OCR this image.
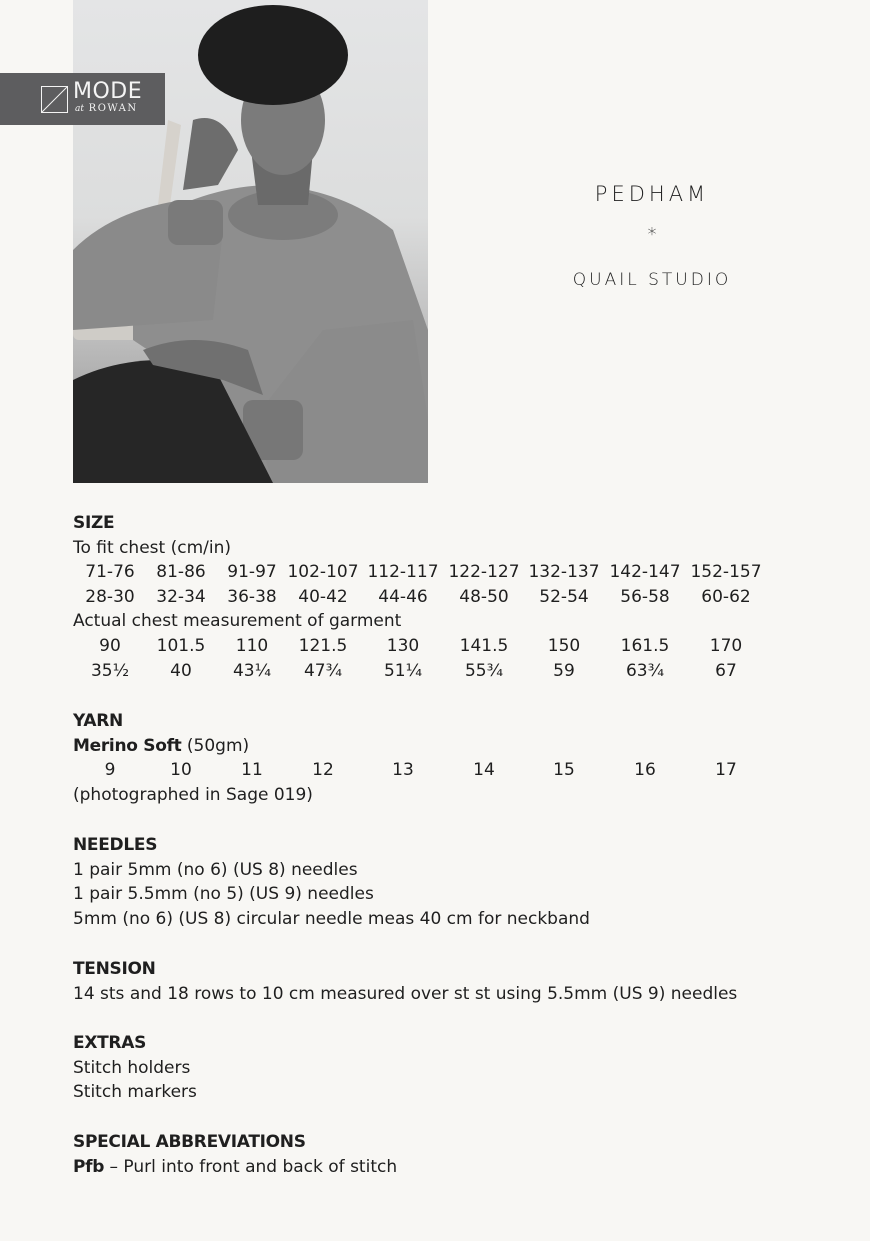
MODE
at ROWAN
PEDHAM
*
QUAIL STUDIO
SIZE
To fit chest (cm/in)
71-76 81-86 91-97 102-107 112-117 122-127 132-137 142-147 152-157
28-30 32-34 36-38 40-42 44-46 48-50 52-54 56-58 60-62
Actual chest measurement of garment
90 101.5 110 121.5 130 141.5 150 161.5 170
35½ 40 43¼ 47¾ 51¼	55¾	59	63¾	67
YARN
Merino Soft (50gm)
9	10	11	12	13	14	15	16	17
(photographed in Sage 019)
NEEDLES
1 pair 5mm (no 6) (US 8) needles
1 pair 5.5mm (no 5) (US 9) needles
5mm (no 6) (US 8) circular needle meas 40 cm for neckband
TENSION
14 sts and 18 rows to 10 cm measured over st st using 5.5mm (US 9) needles
EXTRAS
Stitch holders
Stitch markers
SPECIAL ABBREVIATIONS
Pfb – Purl into front and back of stitch
